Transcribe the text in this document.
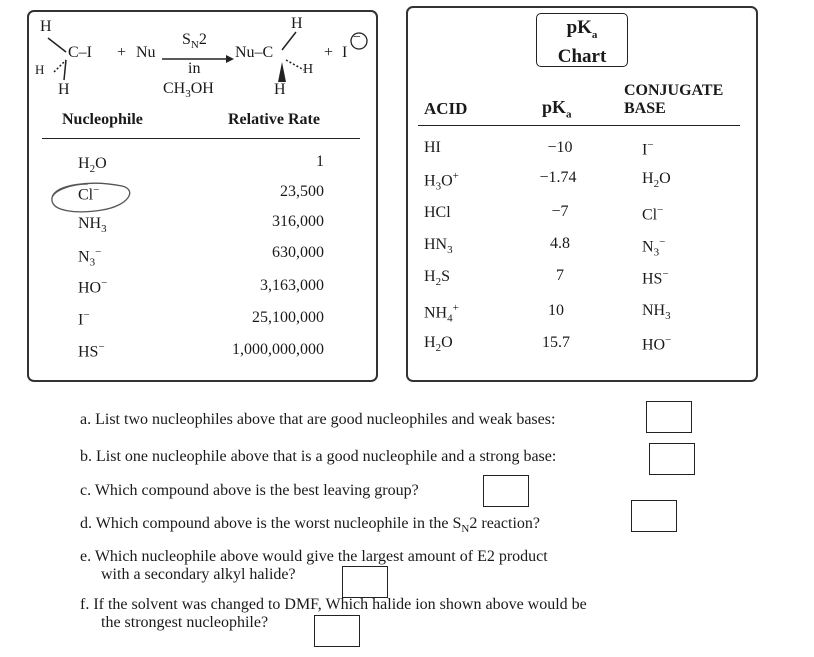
H
H
C–I
H
+ Nu
$S_N2$
in
$CH_3OH$
H
Nu–C
H
H
+ I
−
Nucleophile	Relative Rate
$H_2O$
Cl−
$NH_3$
$N_3^-$
HO−
I−
HS−
1
23,500
316,000
630,000
3,163,000
25,100,000
1,000,000,000
$pK_a$
Chart
ACID	$pK_a$
CONJUGATE
BASE
HI
$H_3O^+$
HCl
$HN_3$
$H_2S$
$NH_4^+$
$H_2O$
−10
−1.74
−7
4.8
7
10
15.7
I−
$H_2O$
Cl−
$N_3^-$
HS−
$NH_3$
HO−
a. List two nucleophiles above that are good nucleophiles and weak bases:
b. List one nucleophile above that is a good nucleophile and a strong base:
c. Which compound above is the best leaving group?
d. Which compound above is the worst nucleophile in the $S_N2$ reaction?
e. Which nucleophile above would give the largest amount of E2 product
with a secondary alkyl halide?
f. If the solvent was changed to DMF, Which halide ion shown above would be
the strongest nucleophile?
